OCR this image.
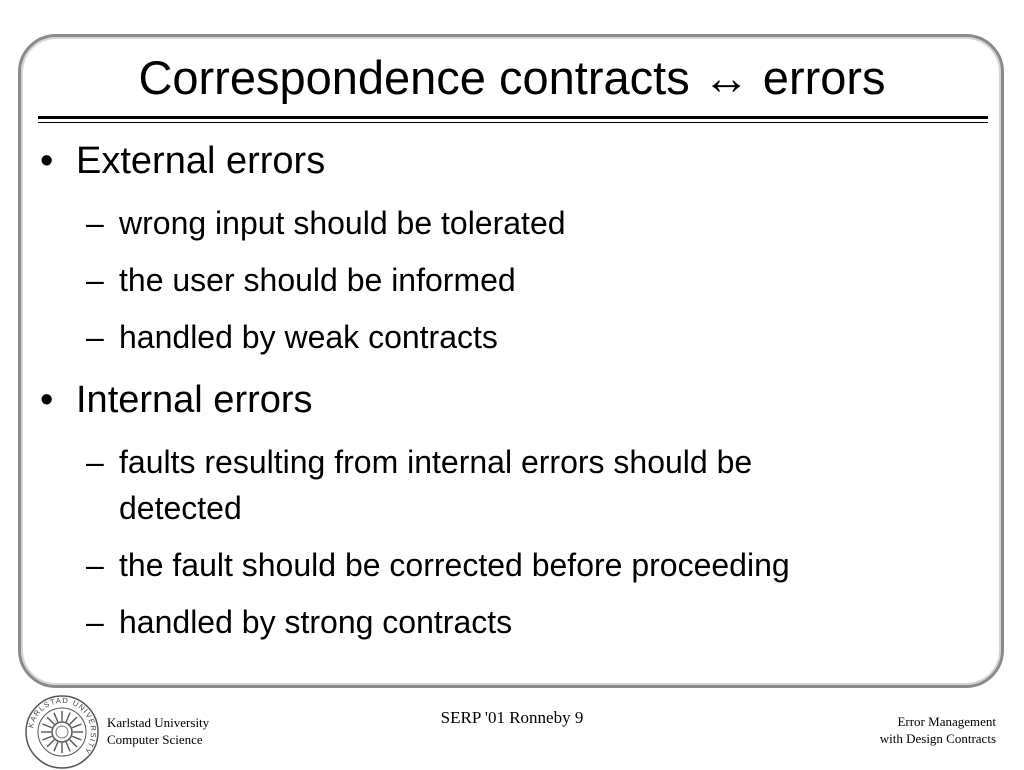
Correspondence contracts ↔ errors
• External errors
– wrong input should be tolerated
– the user should be informed
– handled by weak contracts
• Internal errors
– faults resulting from internal errors should be
detected
– the fault should be corrected before proceeding
– handled by strong contracts
KARLSTAD UNIVERSITY
Karlstad University
Computer Science
SERP '01 Ronneby 9	Error Management
with Design Contracts
